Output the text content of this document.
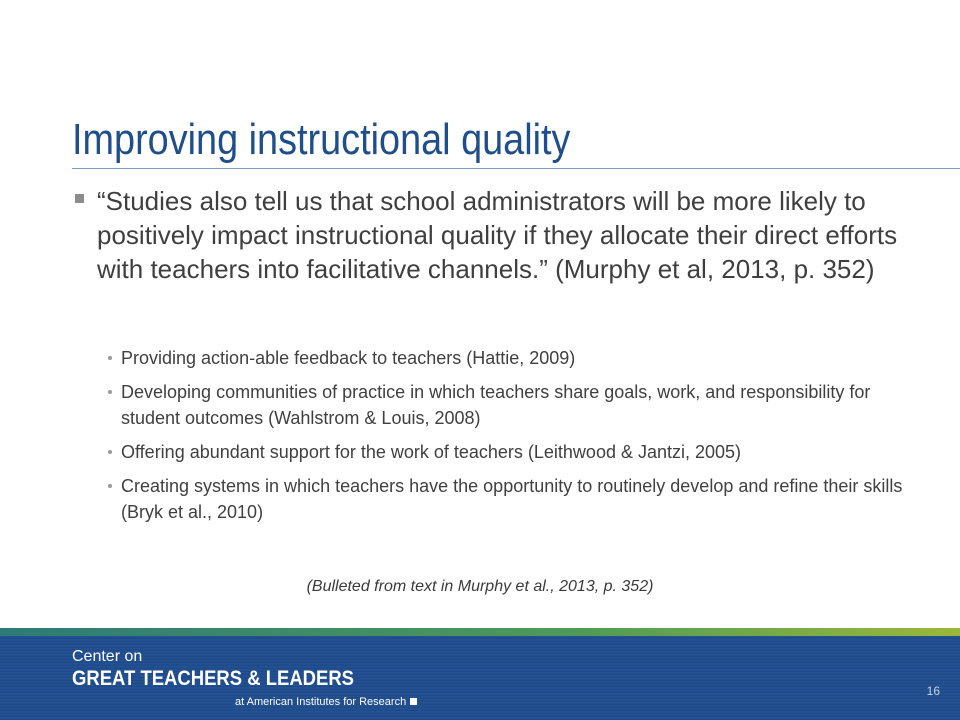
Improving instructional quality
“Studies also tell us that school administrators will be more likely to positively impact instructional quality if they allocate their direct efforts with teachers into facilitative channels.” (Murphy et al, 2013, p. 352)
Providing action-able feedback to teachers (Hattie, 2009)
Developing communities of practice in which teachers share goals, work, and responsibility for student outcomes (Wahlstrom & Louis, 2008)
Offering abundant support for the work of teachers (Leithwood & Jantzi, 2005)
Creating systems in which teachers have the opportunity to routinely develop and refine their skills (Bryk et al., 2010)
(Bulleted from text in Murphy et al., 2013, p. 352)
Center on
GREAT TEACHERS & LEADERS
at American Institutes for Research
16
